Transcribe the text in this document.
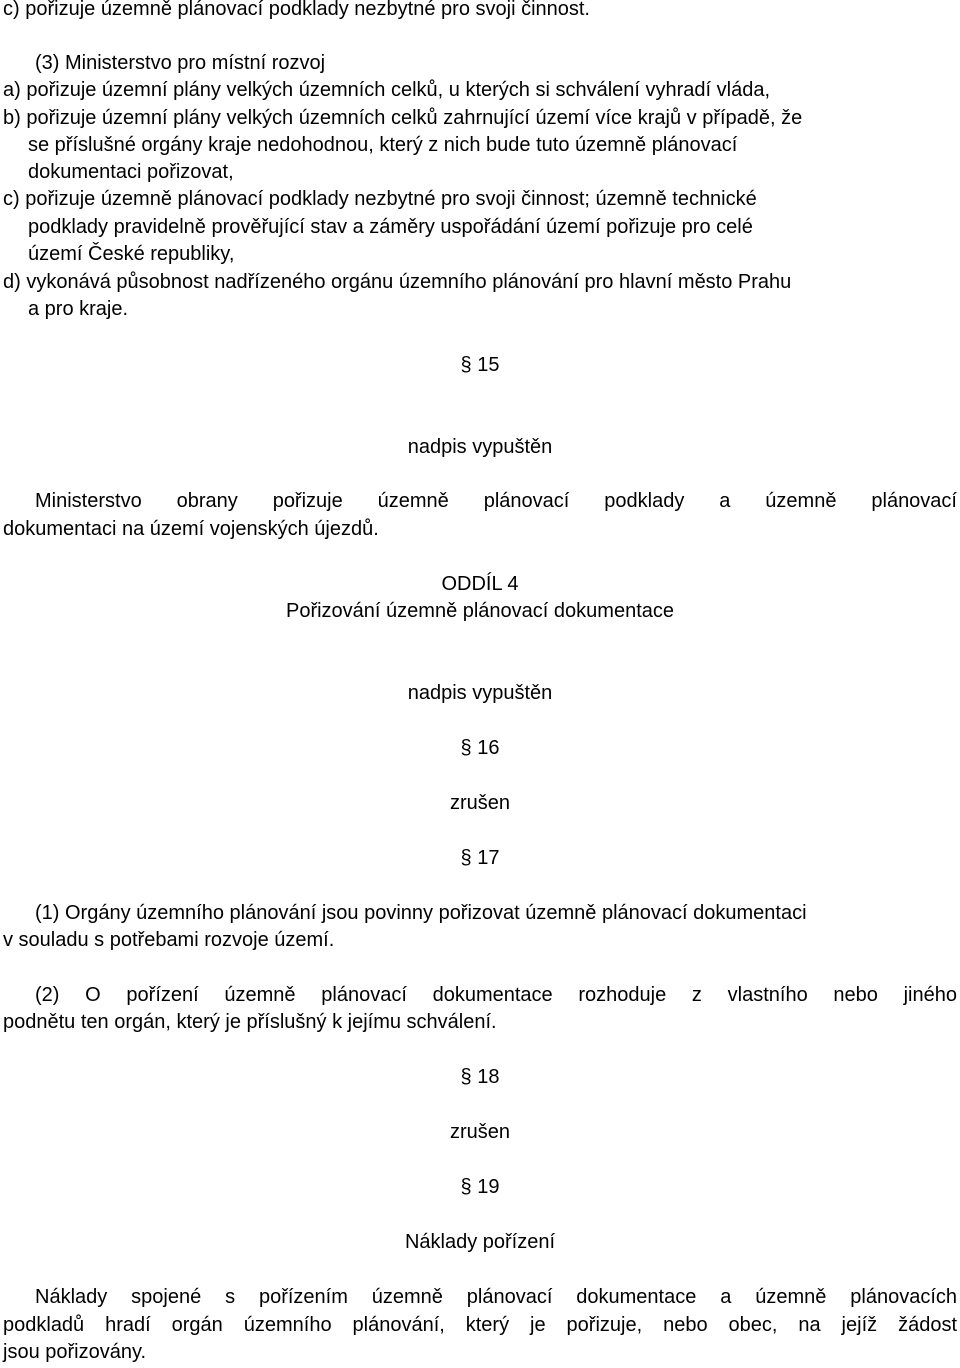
c) pořizuje územně plánovací podklady nezbytné pro svoji činnost.
(3) Ministerstvo pro místní rozvoj
a) pořizuje územní plány velkých územních celků, u kterých si schválení vyhradí vláda,
b) pořizuje územní plány velkých územních celků zahrnující území více krajů v případě, že
se příslušné orgány kraje nedohodnou, který z nich bude tuto územně plánovací
dokumentaci pořizovat,
c) pořizuje územně plánovací podklady nezbytné pro svoji činnost; územně technické
podklady pravidelně prověřující stav a záměry uspořádání území pořizuje pro celé
území České republiky,
d) vykonává působnost nadřízeného orgánu územního plánování pro hlavní město Prahu
a pro kraje.
§ 15
nadpis vypuštěn
Ministerstvo obrany pořizuje územně plánovací podklady a územně plánovací
dokumentaci na území vojenských újezdů.
ODDÍL 4
Pořizování územně plánovací dokumentace
nadpis vypuštěn
§ 16
zrušen
§ 17
(1) Orgány územního plánování jsou povinny pořizovat územně plánovací dokumentaci
v souladu s potřebami rozvoje území.
(2) O pořízení územně plánovací dokumentace rozhoduje z vlastního nebo jiného
podnětu ten orgán, který je příslušný k jejímu schválení.
§ 18
zrušen
§ 19
Náklady pořízení
Náklady spojené s pořízením územně plánovací dokumentace a územně plánovacích
podkladů hradí orgán územního plánování, který je pořizuje, nebo obec, na jejíž žádost
jsou pořizovány.
